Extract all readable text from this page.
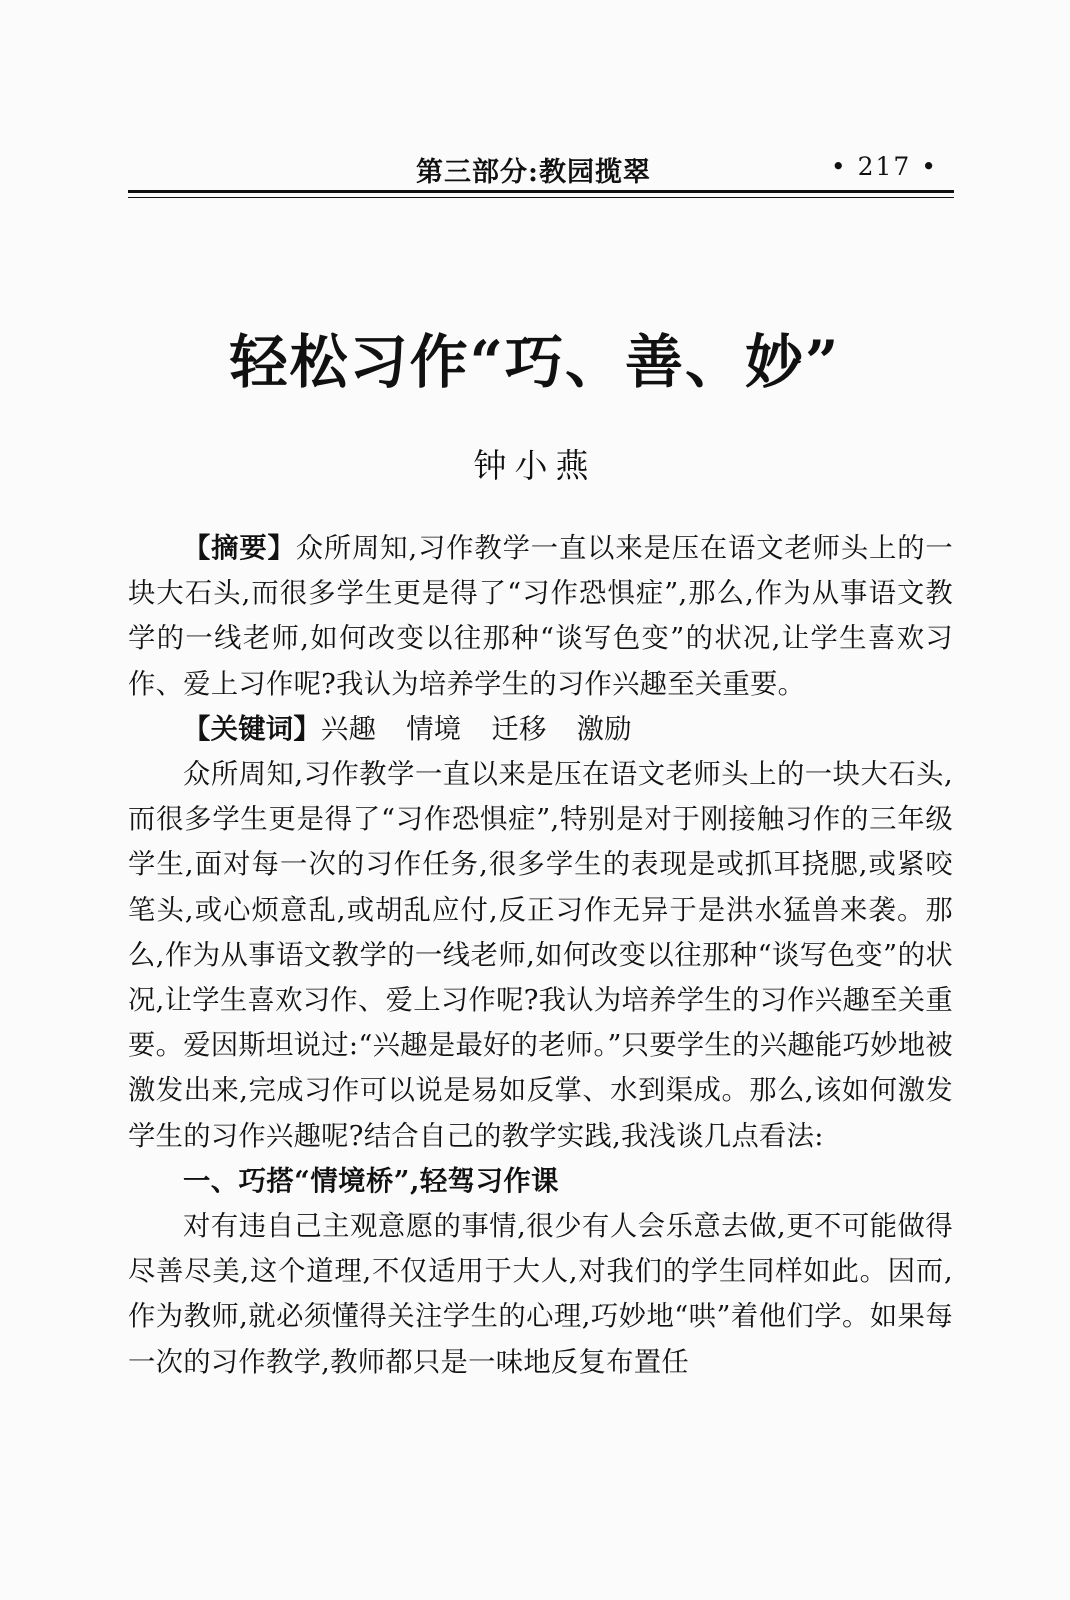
第三部分:教园揽翠	• 217 •
轻松习作“巧、善、妙”
钟小燕

【摘要】众所周知,习作教学一直以来是压在语文老师头上的一块大石头,而很多学生更是得了“习作恐惧症”,那么,作为从事语文教学的一线老师,如何改变以往那种“谈写色变”的状况,让学生喜欢习作、爱上习作呢?我认为培养学生的习作兴趣至关重要。

【关键词】兴趣 情境 迁移 激励

众所周知,习作教学一直以来是压在语文老师头上的一块大石头,而很多学生更是得了“习作恐惧症”,特别是对于刚接触习作的三年级学生,面对每一次的习作任务,很多学生的表现是或抓耳挠腮,或紧咬笔头,或心烦意乱,或胡乱应付,反正习作无异于是洪水猛兽来袭。那么,作为从事语文教学的一线老师,如何改变以往那种“谈写色变”的状况,让学生喜欢习作、爱上习作呢?我认为培养学生的习作兴趣至关重要。爱因斯坦说过:“兴趣是最好的老师。”只要学生的兴趣能巧妙地被激发出来,完成习作可以说是易如反掌、水到渠成。那么,该如何激发学生的习作兴趣呢?结合自己的教学实践,我浅谈几点看法:

一、巧搭“情境桥”,轻驾习作课

对有违自己主观意愿的事情,很少有人会乐意去做,更不可能做得尽善尽美,这个道理,不仅适用于大人,对我们的学生同样如此。因而,作为教师,就必须懂得关注学生的心理,巧妙地“哄”着他们学。如果每一次的习作教学,教师都只是一味地反复布置任
